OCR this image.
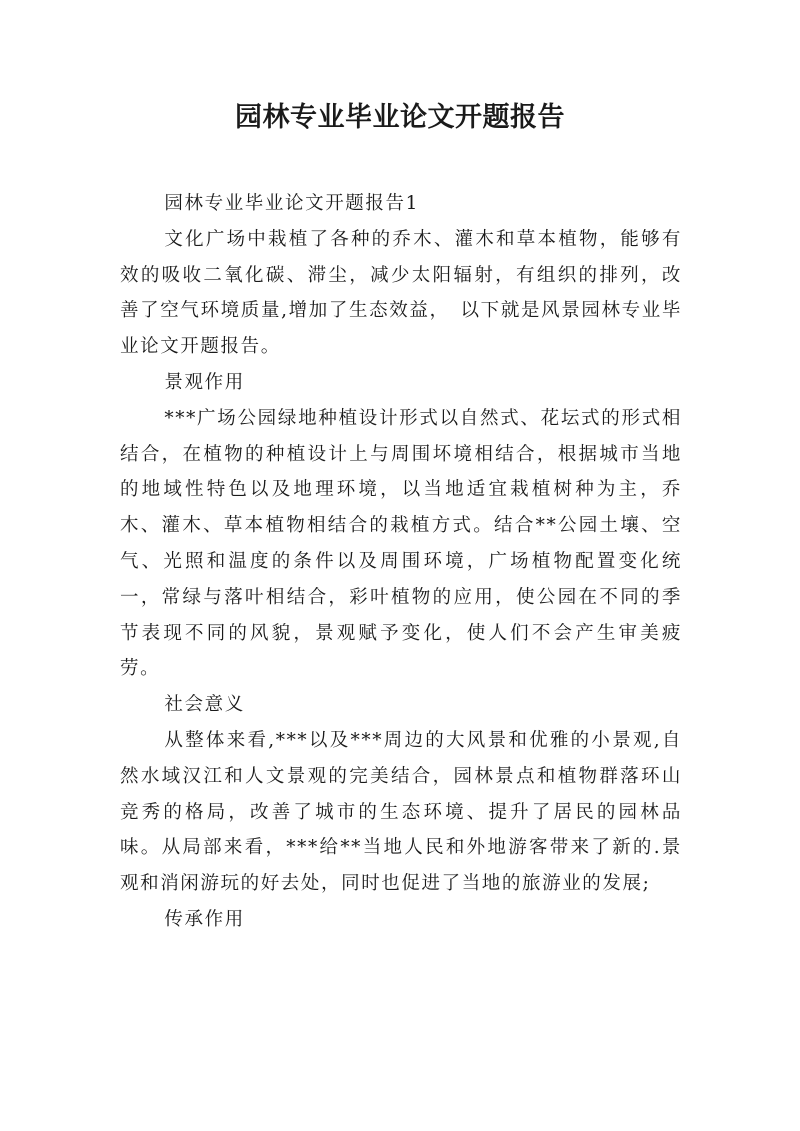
园林专业毕业论文开题报告

园林专业毕业论文开题报告1

文化广场中栽植了各种的乔木、灌木和草本植物，能够有效的吸收二氧化碳、滞尘，减少太阳辐射，有组织的排列，改善了空气环境质量,增加了生态效益，　以下就是风景园林专业毕业论文开题报告。

景观作用

***广场公园绿地种植设计形式以自然式、花坛式的形式相结合，在植物的种植设计上与周围坏境相结合，根据城市当地的地域性特色以及地理环境，以当地适宜栽植树种为主，乔木、灌木、草本植物相结合的栽植方式。结合**公园土壤、空气、光照和温度的条件以及周围环境，广场植物配置变化统一，常绿与落叶相结合，彩叶植物的应用，使公园在不同的季节表现不同的风貌，景观赋予变化，使人们不会产生审美疲劳。

社会意义

从整体来看,***以及***周边的大风景和优雅的小景观,自然水域汉江和人文景观的完美结合，园林景点和植物群落环山竞秀的格局，改善了城市的生态环境、提升了居民的园林品味。从局部来看，***给**当地人民和外地游客带来了新的.景观和消闲游玩的好去处，同时也促进了当地的旅游业的发展;

传承作用
